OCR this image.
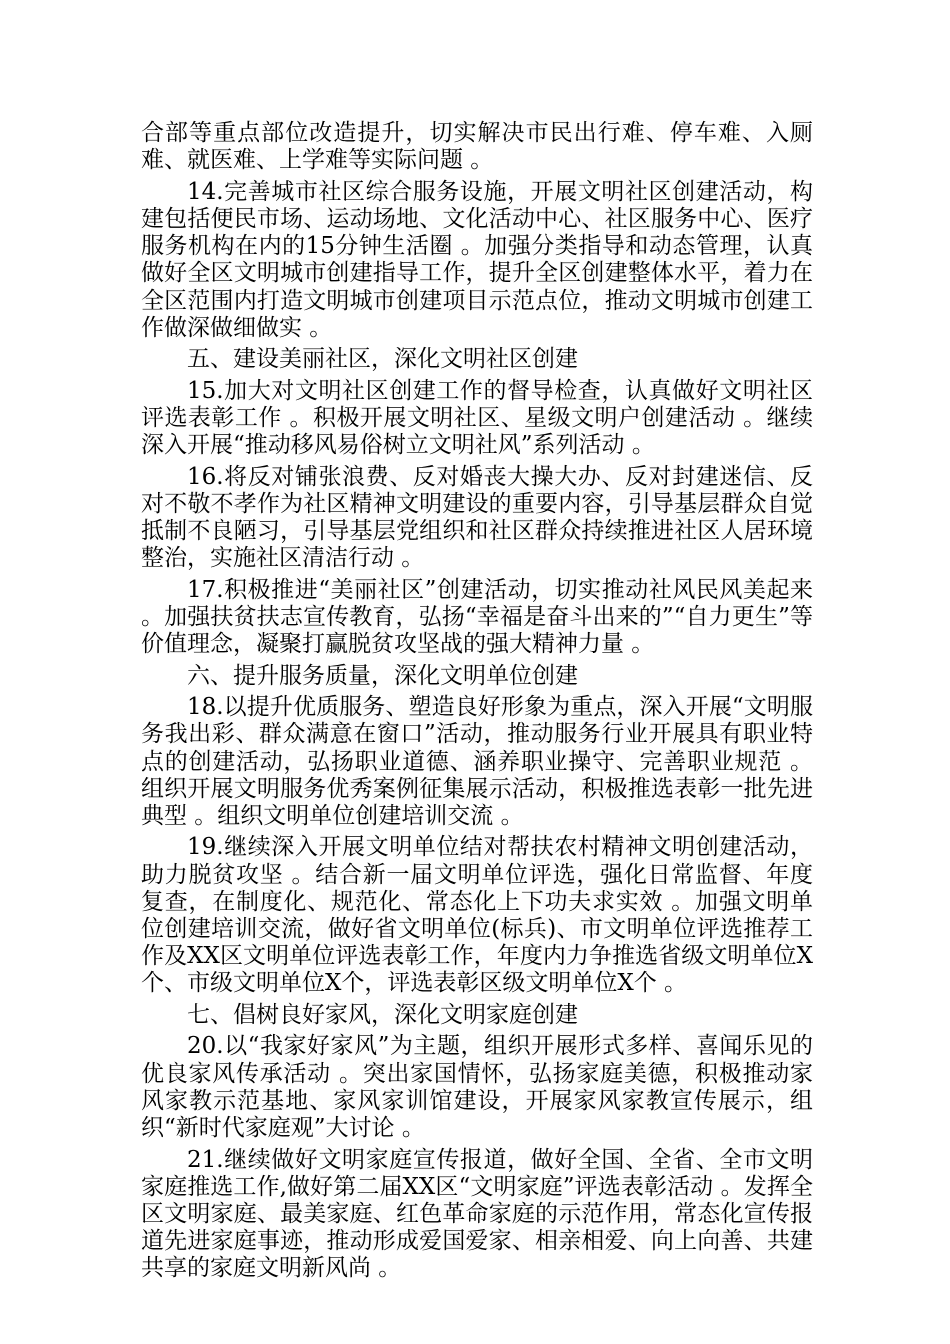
合部等重点部位改造提升，切实解决市民出行难、停车难、入厕难、就医难、上学难等实际问题 。

14.完善城市社区综合服务设施，开展文明社区创建活动，构建包括便民市场、运动场地、文化活动中心、社区服务中心、医疗服务机构在内的15分钟生活圈 。加强分类指导和动态管理，认真做好全区文明城市创建指导工作，提升全区创建整体水平，着力在全区范围内打造文明城市创建项目示范点位，推动文明城市创建工作做深做细做实 。

五、建设美丽社区，深化文明社区创建

15.加大对文明社区创建工作的督导检查，认真做好文明社区评选表彰工作 。积极开展文明社区、星级文明户创建活动 。继续深入开展“推动移风易俗树立文明社风”系列活动 。

16.将反对铺张浪费、反对婚丧大操大办、反对封建迷信、反对不敬不孝作为社区精神文明建设的重要内容，引导基层群众自觉抵制不良陋习，引导基层党组织和社区群众持续推进社区人居环境整治，实施社区清洁行动 。

17.积极推进“美丽社区”创建活动，切实推动社风民风美起来 。加强扶贫扶志宣传教育，弘扬“幸福是奋斗出来的”“自力更生”等价值理念，凝聚打赢脱贫攻坚战的强大精神力量 。

六、提升服务质量，深化文明单位创建

18.以提升优质服务、塑造良好形象为重点，深入开展“文明服务我出彩、群众满意在窗口”活动，推动服务行业开展具有职业特点的创建活动，弘扬职业道德、涵养职业操守、完善职业规范 。组织开展文明服务优秀案例征集展示活动，积极推选表彰一批先进典型 。组织文明单位创建培训交流 。

19.继续深入开展文明单位结对帮扶农村精神文明创建活动，助力脱贫攻坚 。结合新一届文明单位评选，强化日常监督、年度复查，在制度化、规范化、常态化上下功夫求实效 。加强文明单位创建培训交流，做好省文明单位(标兵)、市文明单位评选推荐工作及XX区文明单位评选表彰工作，年度内力争推选省级文明单位X个、市级文明单位X个，评选表彰区级文明单位X个 。

七、倡树良好家风，深化文明家庭创建

20.以“我家好家风”为主题，组织开展形式多样、喜闻乐见的优良家风传承活动 。突出家国情怀，弘扬家庭美德，积极推动家风家教示范基地、家风家训馆建设，开展家风家教宣传展示，组织“新时代家庭观”大讨论 。

21.继续做好文明家庭宣传报道，做好全国、全省、全市文明家庭推选工作,做好第二届XX区“文明家庭”评选表彰活动 。发挥全区文明家庭、最美家庭、红色革命家庭的示范作用，常态化宣传报道先进家庭事迹，推动形成爱国爱家、相亲相爱、向上向善、共建共享的家庭文明新风尚 。
